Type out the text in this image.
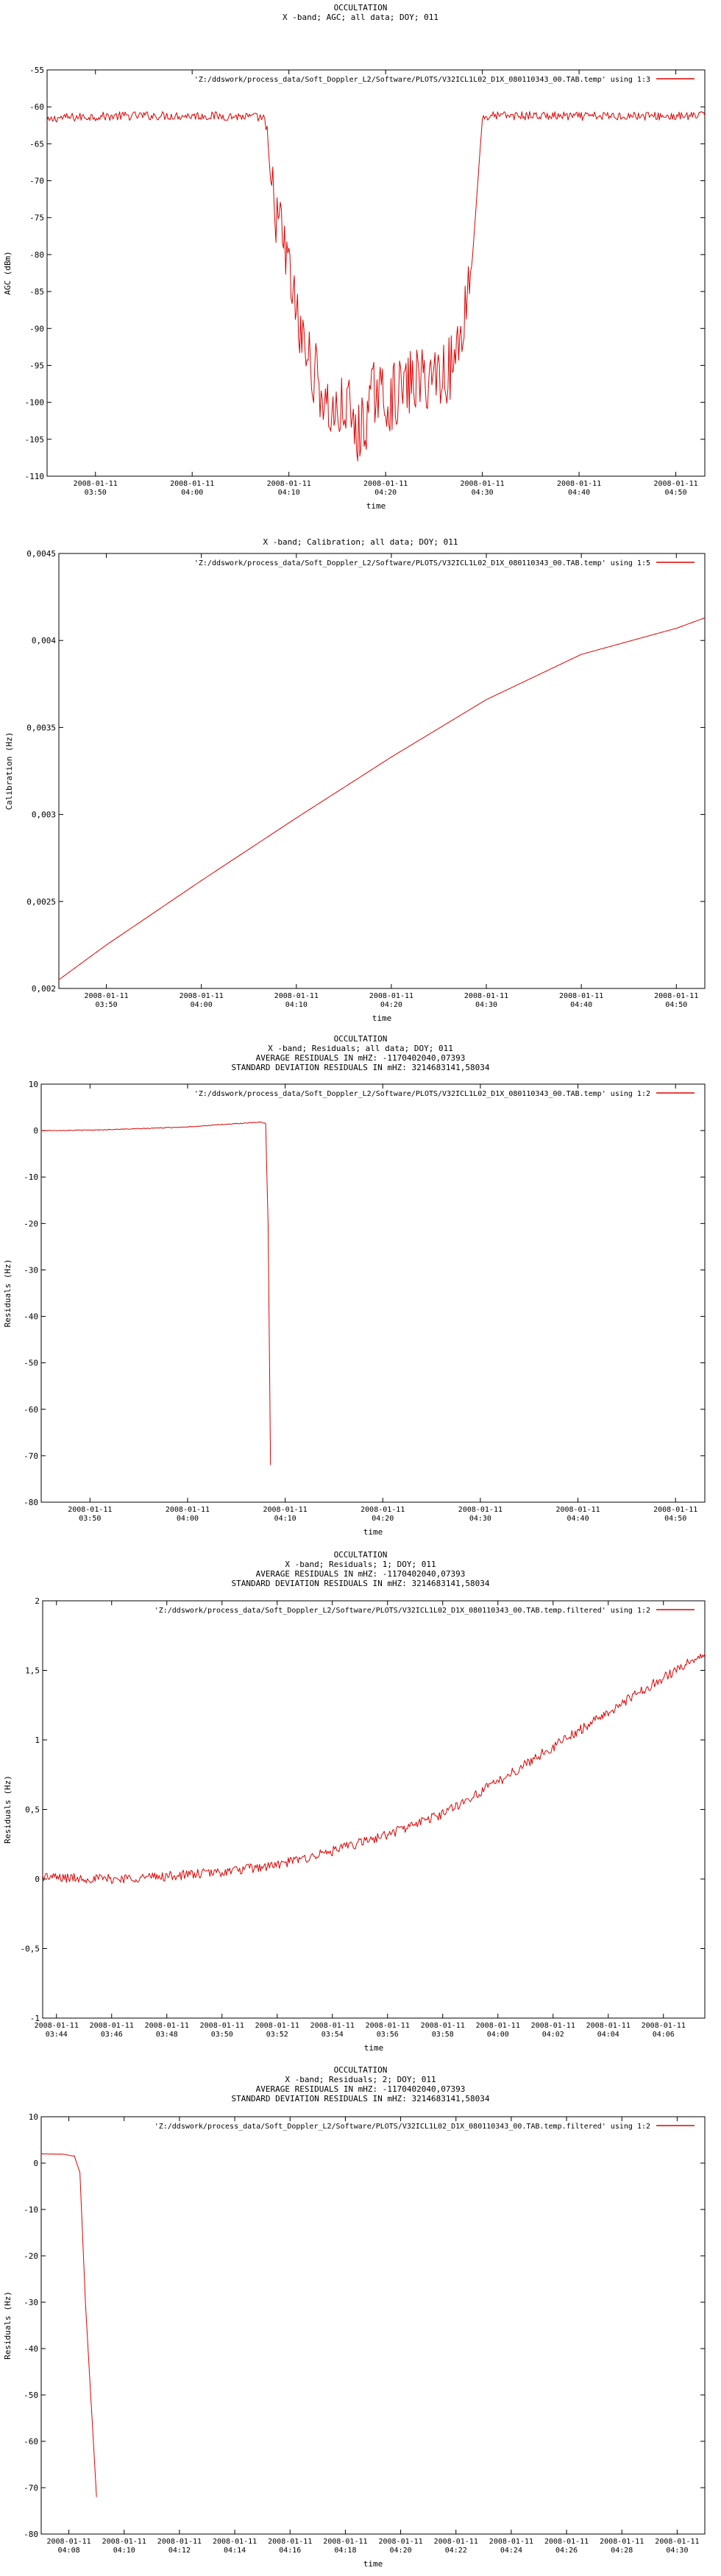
OCCULTATION
X -band; AGC; all data; DOY; 011
-110
-105
-100
-95
-90
-85
-80
-75
-70
-65
-60
-55
2008-01-11
03:50
2008-01-11
04:00
2008-01-11
04:10
2008-01-11
04:20
2008-01-11
04:30
2008-01-11
04:40
2008-01-11
04:50
time
AGC (dBm)
'Z:/ddswork/process_data/Soft_Doppler_L2/Software/PLOTS/V32ICL1L02_D1X_080110343_00.TAB.temp' using 1:3
X -band; Calibration; all data; DOY; 011
0,002
0,0025
0,003
0,0035
0,004
0,0045
2008-01-11
03:50
2008-01-11
04:00
2008-01-11
04:10
2008-01-11
04:20
2008-01-11
04:30
2008-01-11
04:40
2008-01-11
04:50
time
Calibration (Hz)
'Z:/ddswork/process_data/Soft_Doppler_L2/Software/PLOTS/V32ICL1L02_D1X_080110343_00.TAB.temp' using 1:5
OCCULTATION
X -band; Residuals; all data; DOY; 011
AVERAGE RESIDUALS IN mHZ: -1170402040,07393
STANDARD DEVIATION RESIDUALS IN mHZ: 3214683141,58034
-80
-70
-60
-50
-40
-30
-20
-10
0
10
2008-01-11
03:50
2008-01-11
04:00
2008-01-11
04:10
2008-01-11
04:20
2008-01-11
04:30
2008-01-11
04:40
2008-01-11
04:50
time
Residuals (Hz)
'Z:/ddswork/process_data/Soft_Doppler_L2/Software/PLOTS/V32ICL1L02_D1X_080110343_00.TAB.temp' using 1:2
OCCULTATION
X -band; Residuals; 1; DOY; 011
AVERAGE RESIDUALS IN mHZ: -1170402040,07393
STANDARD DEVIATION RESIDUALS IN mHZ: 3214683141,58034
-1
-0,5
0
0,5
1
1,5
2
2008-01-11
03:44
2008-01-11
03:46
2008-01-11
03:48
2008-01-11
03:50
2008-01-11
03:52
2008-01-11
03:54
2008-01-11
03:56
2008-01-11
03:58
2008-01-11
04:00
2008-01-11
04:02
2008-01-11
04:04
2008-01-11
04:06
time
Residuals (Hz)
'Z:/ddswork/process_data/Soft_Doppler_L2/Software/PLOTS/V32ICL1L02_D1X_080110343_00.TAB.temp.filtered' using 1:2
OCCULTATION
X -band; Residuals; 2; DOY; 011
AVERAGE RESIDUALS IN mHZ: -1170402040,07393
STANDARD DEVIATION RESIDUALS IN mHZ: 3214683141,58034
-80
-70
-60
-50
-40
-30
-20
-10
0
10
2008-01-11
04:08
2008-01-11
04:10
2008-01-11
04:12
2008-01-11
04:14
2008-01-11
04:16
2008-01-11
04:18
2008-01-11
04:20
2008-01-11
04:22
2008-01-11
04:24
2008-01-11
04:26
2008-01-11
04:28
2008-01-11
04:30
time
Residuals (Hz)
'Z:/ddswork/process_data/Soft_Doppler_L2/Software/PLOTS/V32ICL1L02_D1X_080110343_00.TAB.temp.filtered' using 1:2
